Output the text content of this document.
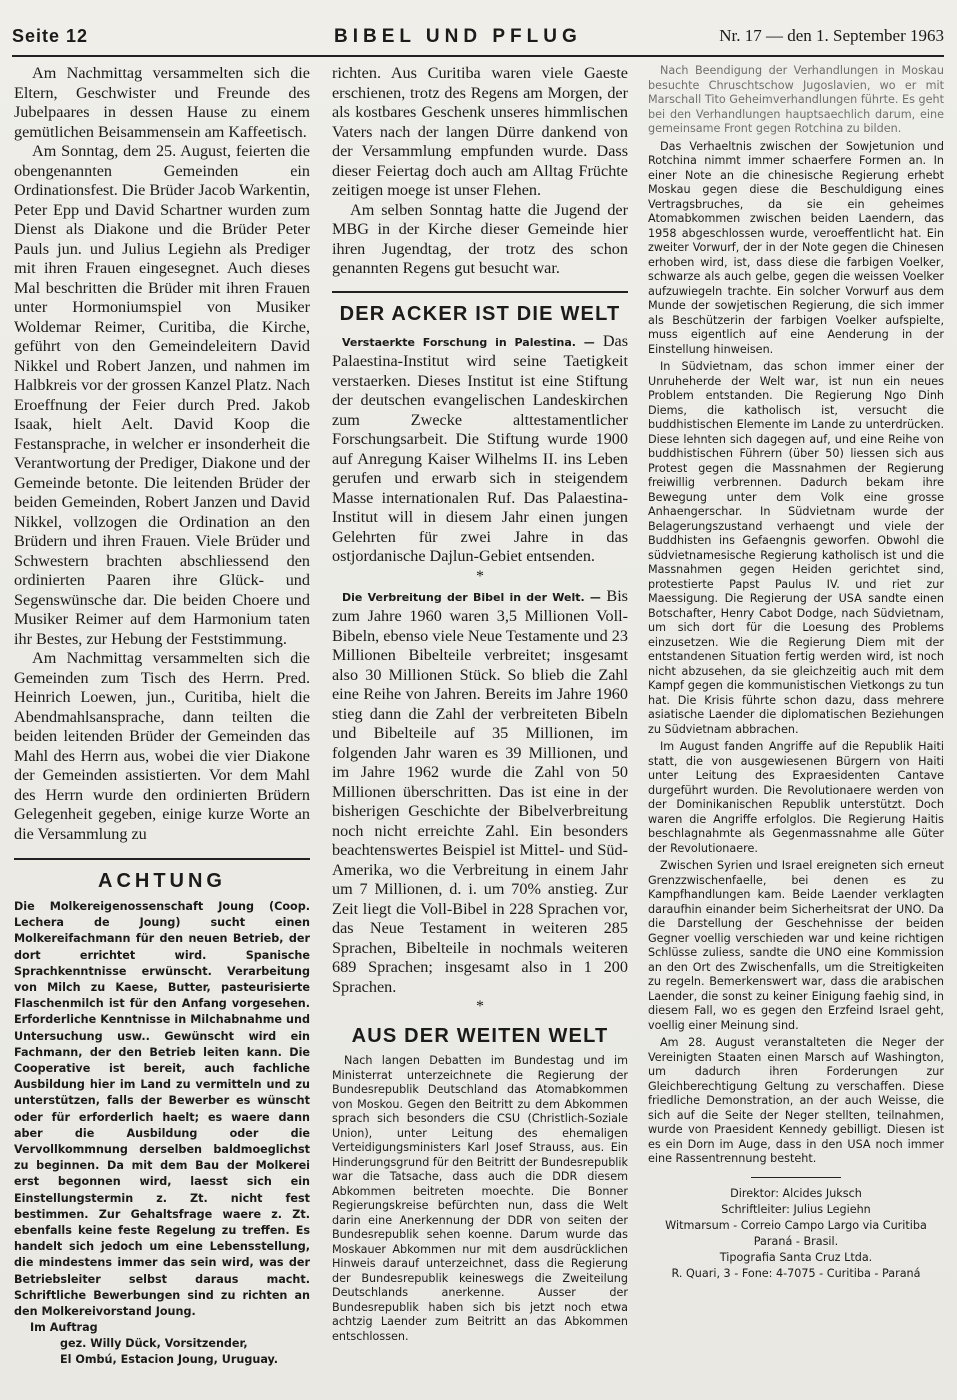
Seite 12	BIBEL UND PFLUG	Nr. 17 — den 1. September 1963

Am Nachmittag versammelten sich die Eltern, Geschwister und Freunde des Jubelpaares in dessen Hause zu einem gemütlichen Beisammensein am Kaffeetisch.

Am Sonntag, dem 25. August, feierten die obengenannten Gemeinden ein Ordinationsfest. Die Brüder Jacob Warkentin, Peter Epp und David Schartner wurden zum Dienst als Diakone und die Brüder Peter Pauls jun. und Julius Legiehn als Prediger mit ihren Frauen eingesegnet. Auch dieses Mal beschritten die Brüder mit ihren Frauen unter Hormoniumspiel von Musiker Woldemar Reimer, Curitiba, die Kirche, geführt von den Gemeindeleitern David Nikkel und Robert Janzen, und nahmen im Halbkreis vor der grossen Kanzel Platz. Nach Eroeffnung der Feier durch Pred. Jakob Isaak, hielt Aelt. David Koop die Festansprache, in welcher er insonderheit die Verantwortung der Prediger, Diakone und der Gemeinde betonte. Die leitenden Brüder der beiden Gemeinden, Robert Janzen und David Nikkel, vollzogen die Ordination an den Brüdern und ihren Frauen. Viele Brüder und Schwestern brachten abschliessend den ordinierten Paaren ihre Glück- und Segenswünsche dar. Die beiden Choere und Musiker Reimer auf dem Harmonium taten ihr Bestes, zur Hebung der Feststimmung.

Am Nachmittag versammelten sich die Gemeinden zum Tisch des Herrn. Pred. Heinrich Loewen, jun., Curitiba, hielt die Abendmahlsansprache, dann teilten die beiden leitenden Brüder der Gemeinden das Mahl des Herrn aus, wobei die vier Diakone der Gemeinden assistierten. Vor dem Mahl des Herrn wurde den ordinierten Brüdern Gelegenheit gegeben, einige kurze Worte an die Versammlung zu

ACHTUNG

Die Molkereigenossenschaft Joung (Coop. Lechera de Joung) sucht einen Molkereifachmann für den neuen Betrieb, der dort errichtet wird. Spanische Sprachkenntnisse erwünscht. Verarbeitung von Milch zu Kaese, Butter, pasteurisierte Flaschenmilch ist für den Anfang vorgesehen. Erforderliche Kenntnisse in Milchabnahme und Untersuchung usw.. Gewünscht wird ein Fachmann, der den Betrieb leiten kann. Die Cooperative ist bereit, auch fachliche Ausbildung hier im Land zu vermitteln und zu unterstützen, falls der Bewerber es wünscht oder für erforderlich haelt; es waere dann aber die Ausbildung oder die Vervollkommnung derselben baldmoeglichst zu beginnen. Da mit dem Bau der Molkerei erst begonnen wird, laesst sich ein Einstellungstermin z. Zt. nicht fest bestimmen. Zur Gehaltsfrage waere z. Zt. ebenfalls keine feste Regelung zu treffen. Es handelt sich jedoch um eine Lebensstellung, die mindestens immer das sein wird, was der Betriebsleiter selbst daraus macht. Schriftliche Bewerbungen sind zu richten an den Molkereivorstand Joung.

Im Auftrag
gez. Willy Dück, Vorsitzender,
El Ombú, Estacion Joung, Uruguay.

richten. Aus Curitiba waren viele Gaeste erschienen, trotz des Regens am Morgen, der als kostbares Geschenk unseres himmlischen Vaters nach der langen Dürre dankend von der Versammlung empfunden wurde. Dass dieser Feiertag doch auch am Alltag Früchte zeitigen moege ist unser Flehen.

Am selben Sonntag hatte die Jugend der MBG in der Kirche dieser Gemeinde hier ihren Jugendtag, der trotz des schon genannten Regens gut besucht war.

DER ACKER IST DIE WELT

Verstaerkte Forschung in Palestina. — Das Palaestina-Institut wird seine Taetigkeit verstaerken. Dieses Institut ist eine Stiftung der deutschen evangelischen Landeskirchen zum Zwecke alttestamentlicher Forschungsarbeit. Die Stiftung wurde 1900 auf Anregung Kaiser Wilhelms II. ins Leben gerufen und erwarb sich in steigendem Masse internationalen Ruf. Das Palaestina-Institut will in diesem Jahr einen jungen Gelehrten für zwei Jahre in das ostjordanische Dajlun-Gebiet entsenden.

*

Die Verbreitung der Bibel in der Welt. — Bis zum Jahre 1960 waren 3,5 Millionen Voll-Bibeln, ebenso viele Neue Testamente und 23 Millionen Bibelteile verbreitet; insgesamt also 30 Millionen Stück. So blieb die Zahl eine Reihe von Jahren. Bereits im Jahre 1960 stieg dann die Zahl der verbreiteten Bibeln und Bibelteile auf 35 Millionen, im folgenden Jahr waren es 39 Millionen, und im Jahre 1962 wurde die Zahl von 50 Millionen überschritten. Das ist eine in der bisherigen Geschichte der Bibelverbreitung noch nicht erreichte Zahl. Ein besonders beachtenswertes Beispiel ist Mittel- und Süd-Amerika, wo die Verbreitung in einem Jahr um 7 Millionen, d. i. um 70% anstieg. Zur Zeit liegt die Voll-Bibel in 228 Sprachen vor, das Neue Testament in weiteren 285 Sprachen, Bibelteile in nochmals weiteren 689 Sprachen; insgesamt also in 1 200 Sprachen.

*
AUS DER WEITEN WELT

Nach langen Debatten im Bundestag und im Ministerrat unterzeichnete die Regierung der Bundesrepublik Deutschland das Atomabkommen von Moskou. Gegen den Beitritt zu dem Abkommen sprach sich besonders die CSU (Christlich-Soziale Union), unter Leitung des ehemaligen Verteidigungsministers Karl Josef Strauss, aus. Ein Hinderungsgrund für den Beitritt der Bundesrepublik war die Tatsache, dass auch die DDR diesem Abkommen beitreten moechte. Die Bonner Regierungskreise befürchten nun, dass die Welt darin eine Anerkennung der DDR von seiten der Bundesrepublik sehen koenne. Darum wurde das Moskauer Abkommen nur mit dem ausdrücklichen Hinweis darauf unterzeichnet, dass die Regierung der Bundesrepublik keineswegs die Zweiteilung Deutschlands anerkenne. Ausser der Bundesrepublik haben sich bis jetzt noch etwa achtzig Laender zum Beitritt an das Abkommen entschlossen.

Nach Beendigung der Verhandlungen in Moskau besuchte Chruschtschow Jugoslavien, wo er mit Marschall Tito Geheimverhandlungen führte. Es geht bei den Verhandlungen hauptsaechlich darum, eine gemeinsame Front gegen Rotchina zu bilden.

Das Verhaeltnis zwischen der Sowjetunion und Rotchina nimmt immer schaerfere Formen an. In einer Note an die chinesische Regierung erhebt Moskau gegen diese die Beschuldigung eines Vertragsbruches, da sie ein geheimes Atomabkommen zwischen beiden Laendern, das 1958 abgeschlossen wurde, veroeffentlicht hat. Ein zweiter Vorwurf, der in der Note gegen die Chinesen erhoben wird, ist, dass diese die farbigen Voelker, schwarze als auch gelbe, gegen die weissen Voelker aufzuwiegeln trachte. Ein solcher Vorwurf aus dem Munde der sowjetischen Regierung, die sich immer als Beschützerin der farbigen Voelker aufspielte, muss eigentlich auf eine Aenderung in der Einstellung hinweisen.

In Südvietnam, das schon immer einer der Unruheherde der Welt war, ist nun ein neues Problem entstanden. Die Regierung Ngo Dinh Diems, die katholisch ist, versucht die buddhistischen Elemente im Lande zu unterdrücken. Diese lehnten sich dagegen auf, und eine Reihe von buddhistischen Führern (über 50) liessen sich aus Protest gegen die Massnahmen der Regierung freiwillig verbrennen. Dadurch bekam ihre Bewegung unter dem Volk eine grosse Anhaengerschar. In Südvietnam wurde der Belagerungszustand verhaengt und viele der Buddhisten ins Gefaengnis geworfen. Obwohl die südvietnamesische Regierung katholisch ist und die Massnahmen gegen Heiden gerichtet sind, protestierte Papst Paulus IV. und riet zur Maessigung. Die Regierung der USA sandte einen Botschafter, Henry Cabot Dodge, nach Südvietnam, um sich dort für die Loesung des Problems einzusetzen. Wie die Regierung Diem mit der entstandenen Situation fertig werden wird, ist noch nicht abzusehen, da sie gleichzeitig auch mit dem Kampf gegen die kommunistischen Vietkongs zu tun hat. Die Krisis führte schon dazu, dass mehrere asiatische Laender die diplomatischen Beziehungen zu Südvietnam abbrachen.

Im August fanden Angriffe auf die Republik Haiti statt, die von ausgewiesenen Bürgern von Haiti unter Leitung des Expraesidenten Cantave durgeführt wurden. Die Revolutionaere werden von der Dominikanischen Republik unterstützt. Doch waren die Angriffe erfolglos. Die Regierung Haitis beschlagnahmte als Gegenmassnahme alle Güter der Revolutionaere.

Zwischen Syrien und Israel ereigneten sich erneut Grenzzwischenfaelle, bei denen es zu Kampfhandlungen kam. Beide Laender verklagten daraufhin einander beim Sicherheitsrat der UNO. Da die Darstellung der Geschehnisse der beiden Gegner voellig verschieden war und keine richtigen Schlüsse zuliess, sandte die UNO eine Kommission an den Ort des Zwischenfalls, um die Streitigkeiten zu regeln. Bemerkenswert war, dass die arabischen Laender, die sonst zu keiner Einigung faehig sind, in diesem Fall, wo es gegen den Erzfeind Israel geht, voellig einer Meinung sind.

Am 28. August veranstalteten die Neger der Vereinigten Staaten einen Marsch auf Washington, um dadurch ihren Forderungen zur Gleichberechtigung Geltung zu verschaffen. Diese friedliche Demonstration, an der auch Weisse, die sich auf die Seite der Neger stellten, teilnahmen, wurde von Praesident Kennedy gebilligt. Diesen ist es ein Dorn im Auge, dass in den USA noch immer eine Rassentrennung besteht.

Direktor: Alcides Juksch
Schriftleiter: Julius Legiehn
Witmarsum - Correio Campo Largo via Curitiba
Paraná - Brasil.
Tipografia Santa Cruz Ltda.
R. Quari, 3 - Fone: 4-7075 - Curitiba - Paraná
